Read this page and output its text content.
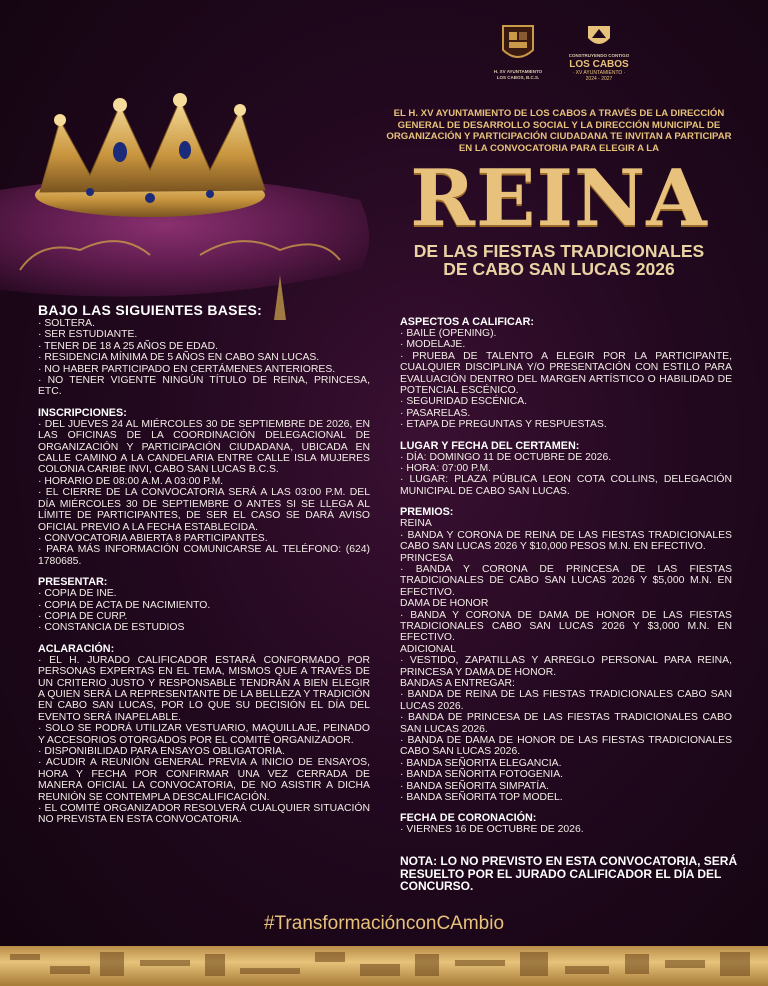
H. XV AYUNTAMIENTO
LOS CABOS, B.C.S.
CONSTRUYENDO CONTIGO
LOS CABOS
· XV AYUNTAMIENTO ·
2024 - 2027
EL H. XV AYUNTAMIENTO DE LOS CABOS A TRAVÉS DE LA DIRECCIÓN GENERAL DE DESARROLLO SOCIAL Y LA DIRECCIÓN MUNICIPAL DE ORGANIZACIÓN Y PARTICIPACIÓN CIUDADANA TE INVITAN A PARTICIPAR EN LA CONVOCATORIA PARA ELEGIR A LA
REINA
DE LAS FIESTAS TRADICIONALES
DE CABO SAN LUCAS 2026
BAJO LAS SIGUIENTES BASES:
· SOLTERA.
· SER ESTUDIANTE.
· TENER DE 18 A 25 AÑOS DE EDAD.
· RESIDENCIA MÍNIMA DE 5 AÑOS EN CABO SAN LUCAS.
· NO HABER PARTICIPADO EN CERTÁMENES ANTERIORES.
· NO TENER VIGENTE NINGÚN TÍTULO DE REINA, PRINCESA, ETC.
INSCRIPCIONES:
· DEL JUEVES 24 AL MIÉRCOLES 30 DE SEPTIEMBRE DE 2026, EN LAS OFICINAS DE LA COORDINACIÓN DELEGACIONAL DE ORGANIZACIÓN Y PARTICIPACIÓN CIUDADANA, UBICADA EN CALLE CAMINO A LA CANDELARIA ENTRE CALLE ISLA MUJERES COLONIA CARIBE INVI, CABO SAN LUCAS B.C.S.
· HORARIO DE 08:00 A.M. A 03:00 P.M.
· EL CIERRE DE LA CONVOCATORIA SERÁ A LAS 03:00 P.M. DEL DÍA MIÉRCOLES 30 DE SEPTIEMBRE O ANTES SI SE LLEGA AL LÍMITE DE PARTICIPANTES, DE SER EL CASO SE DARÁ AVISO OFICIAL PREVIO A LA FECHA ESTABLECIDA.
· CONVOCATORIA ABIERTA 8 PARTICIPANTES.
· PARA MÁS INFORMACIÓN COMUNICARSE AL TELÉFONO: (624) 1780685.
PRESENTAR:
· COPIA DE INE.
· COPIA DE ACTA DE NACIMIENTO.
· COPIA DE CURP.
· CONSTANCIA DE ESTUDIOS
ACLARACIÓN:
· EL H. JURADO CALIFICADOR ESTARÁ CONFORMADO POR PERSONAS EXPERTAS EN EL TEMA, MISMOS QUE A TRAVÉS DE UN CRITERIO JUSTO Y RESPONSABLE TENDRÁN A BIEN ELEGIR A QUIEN SERÁ LA REPRESENTANTE DE LA BELLEZA Y TRADICIÓN EN CABO SAN LUCAS, POR LO QUE SU DECISIÓN EL DÍA DEL EVENTO SERÁ INAPELABLE.
· SOLO SE PODRÁ UTILIZAR VESTUARIO, MAQUILLAJE, PEINADO Y ACCESORIOS OTORGADOS POR EL COMITÉ ORGANIZADOR.
· DISPONIBILIDAD PARA ENSAYOS OBLIGATORIA.
· ACUDIR A REUNIÓN GENERAL PREVIA A INICIO DE ENSAYOS, HORA Y FECHA POR CONFIRMAR UNA VEZ CERRADA DE MANERA OFICIAL LA CONVOCATORIA, DE NO ASISTIR A DICHA REUNIÓN SE CONTEMPLA DESCALIFICACIÓN.
· EL COMITÉ ORGANIZADOR RESOLVERÁ CUALQUIER SITUACIÓN NO PREVISTA EN ESTA CONVOCATORIA.
ASPECTOS A CALIFICAR:
· BAILE (OPENING).
· MODELAJE.
· PRUEBA DE TALENTO A ELEGIR POR LA PARTICIPANTE, CUALQUIER DISCIPLINA Y/O PRESENTACIÓN CON ESTILO PARA EVALUACIÓN DENTRO DEL MARGEN ARTÍSTICO O HABILIDAD DE POTENCIAL ESCÉNICO.
· SEGURIDAD ESCÉNICA.
· PASARELAS.
· ETAPA DE PREGUNTAS Y RESPUESTAS.
LUGAR Y FECHA DEL CERTAMEN:
· DÍA: DOMINGO 11 DE OCTUBRE DE 2026.
· HORA: 07:00 P.M.
· LUGAR: PLAZA PÚBLICA LEON COTA COLLINS, DELEGACIÓN MUNICIPAL DE CABO SAN LUCAS.
PREMIOS:
REINA
· BANDA Y CORONA DE REINA DE LAS FIESTAS TRADICIONALES CABO SAN LUCAS 2026 Y $10,000 PESOS M.N. EN EFECTIVO.
PRINCESA
· BANDA Y CORONA DE PRINCESA DE LAS FIESTAS TRADICIONALES DE CABO SAN LUCAS 2026 Y $5,000 M.N. EN EFECTIVO.
DAMA DE HONOR
· BANDA Y CORONA DE DAMA DE HONOR DE LAS FIESTAS TRADICIONALES CABO SAN LUCAS 2026 Y $3,000 M.N. EN EFECTIVO.
ADICIONAL
· VESTIDO, ZAPATILLAS Y ARREGLO PERSONAL PARA REINA, PRINCESA Y DAMA DE HONOR.
BANDAS A ENTREGAR:
· BANDA DE REINA DE LAS FIESTAS TRADICIONALES CABO SAN LUCAS 2026.
· BANDA DE PRINCESA DE LAS FIESTAS TRADICIONALES CABO SAN LUCAS 2026.
· BANDA DE DAMA DE HONOR DE LAS FIESTAS TRADICIONALES CABO SAN LUCAS 2026.
· BANDA SEÑORITA ELEGANCIA.
· BANDA SEÑORITA FOTOGENIA.
· BANDA SEÑORITA SIMPATÍA.
· BANDA SEÑORITA TOP MODEL.
FECHA DE CORONACIÓN:
· VIERNES 16 DE OCTUBRE DE 2026.
NOTA: LO NO PREVISTO EN ESTA CONVOCATORIA, SERÁ RESUELTO POR EL JURADO CALIFICADOR EL DÍA DEL CONCURSO.
#TransformaciónconCAmbio
